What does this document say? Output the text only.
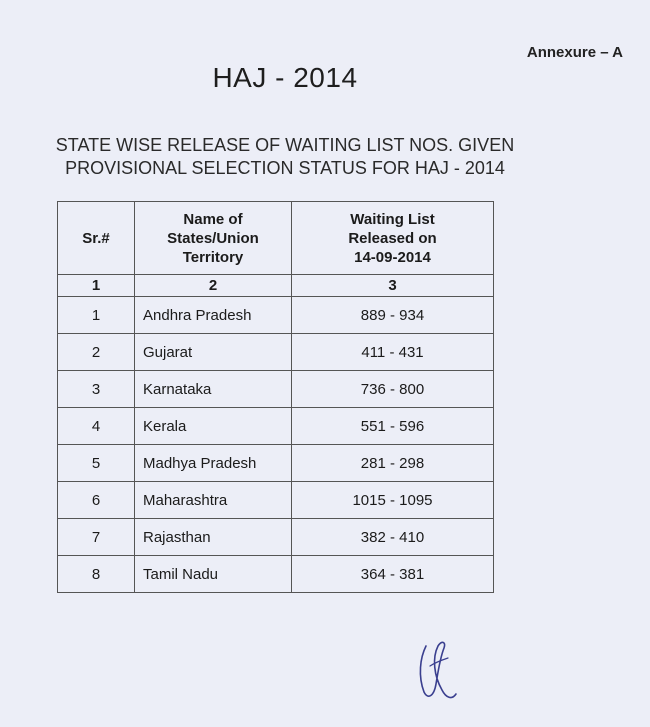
Annexure – A
HAJ - 2014
STATE WISE RELEASE OF WAITING LIST NOS. GIVEN
PROVISIONAL SELECTION STATUS FOR HAJ - 2014
Sr.#	Name of
States/Union
Territory	Waiting List
Released on
14-09-2014
1	2	3
1	Andhra Pradesh	889 - 934
2	Gujarat	411 - 431
3	Karnataka	736 - 800
4	Kerala	551 - 596
5	Madhya Pradesh	281 - 298
6	Maharashtra	1015 - 1095
7	Rajasthan	382 - 410
8	Tamil Nadu	364 - 381
